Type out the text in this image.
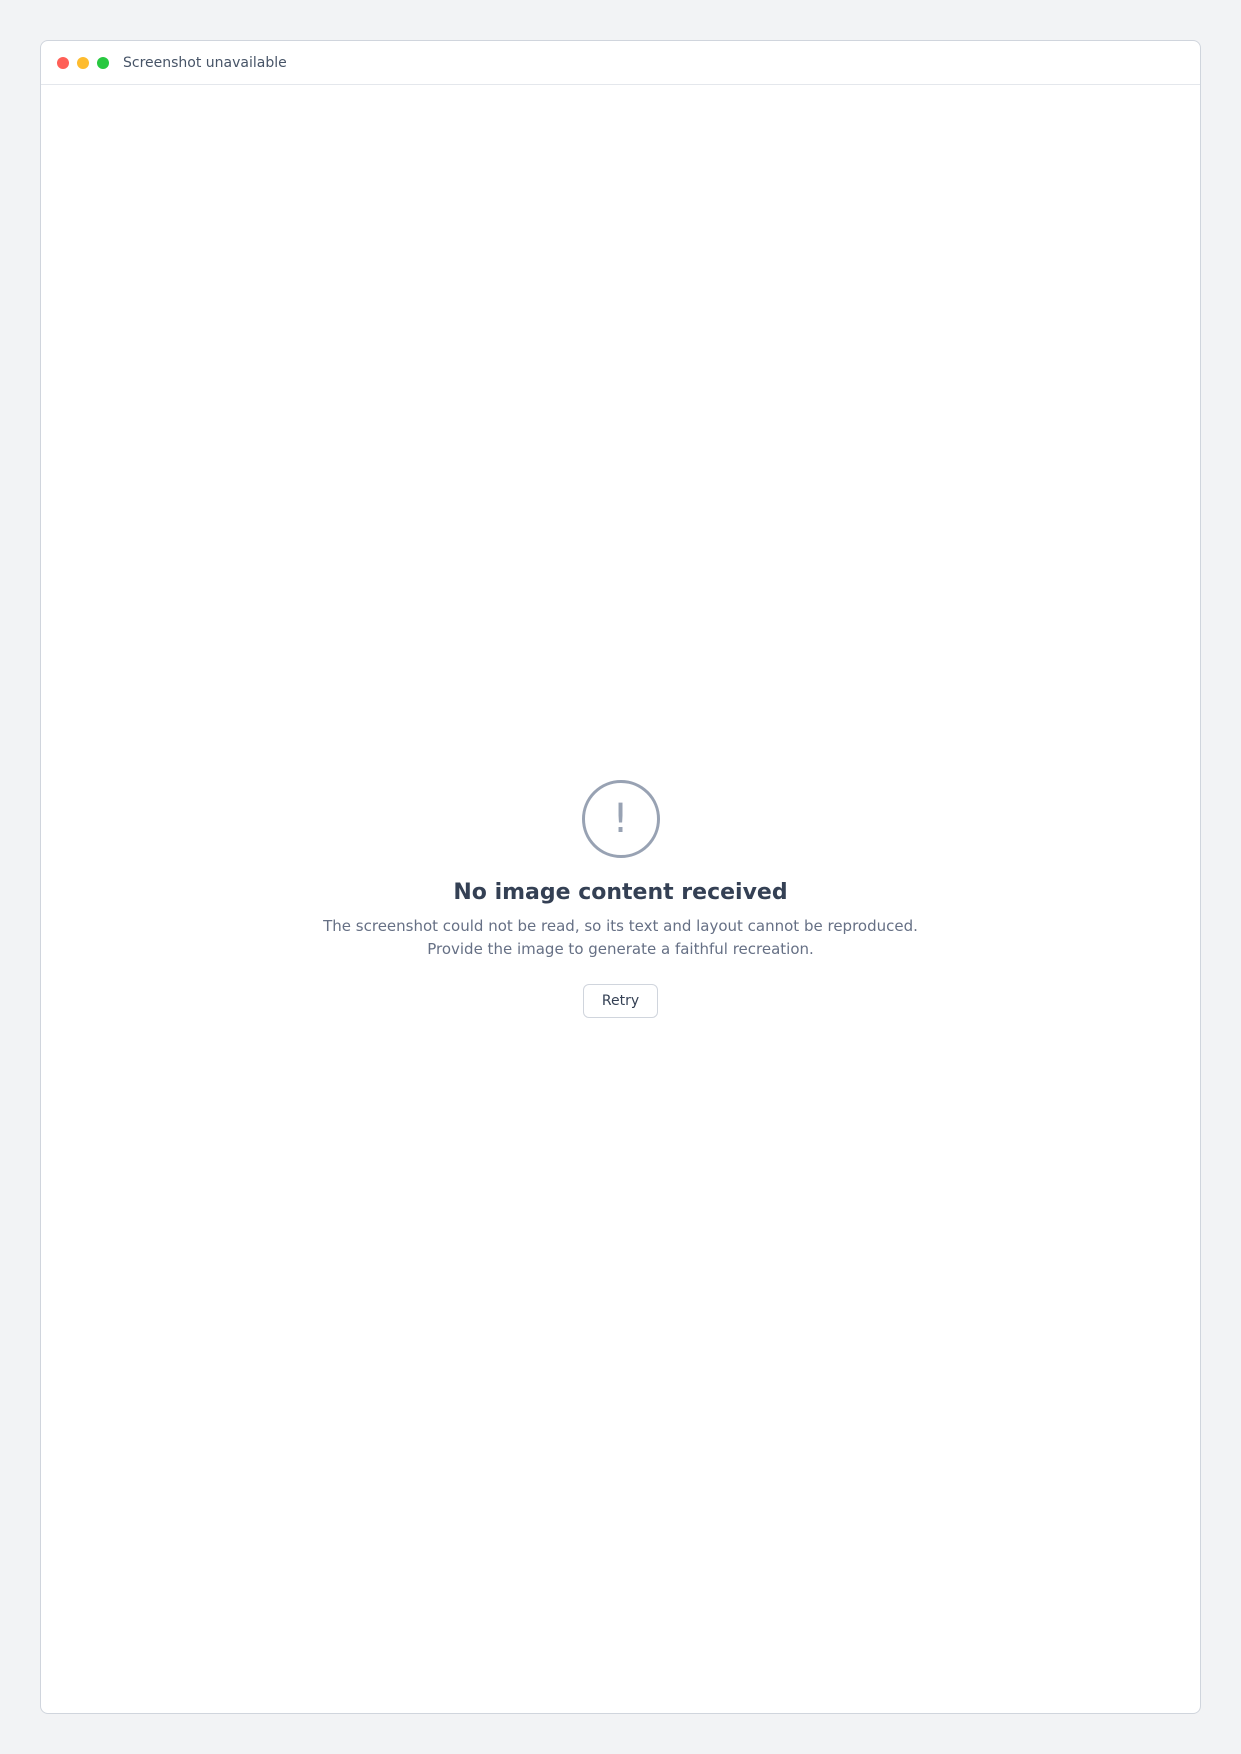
Screenshot unavailable
!
No image content received
The screenshot could not be read, so its text and layout cannot be reproduced. Provide the image to generate a faithful recreation.
Retry
